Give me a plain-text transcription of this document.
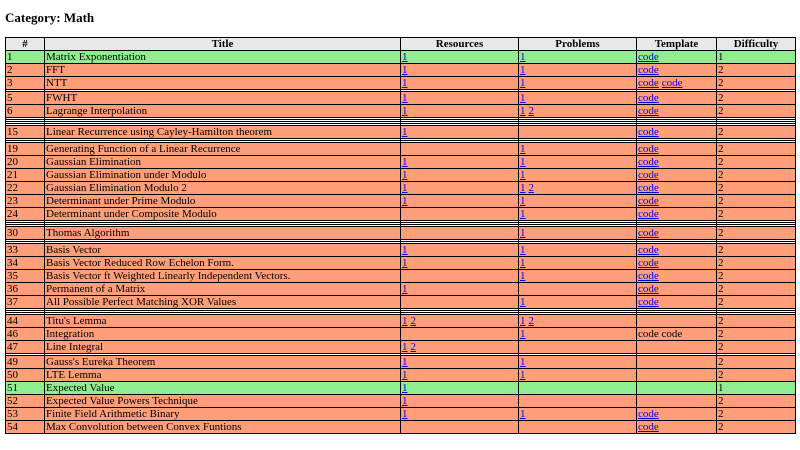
Category: Math
#	Title	Resources	Problems	Template	Difficulty
1	Matrix Exponentiation	1	1	code	1
2	FFT	1	1	code	2
3	NTT	1	1	code code	2

5	FWHT	1	1	code	2
6	Lagrange Interpolation	1	1 2	code	2

15	Linear Recurrence using Cayley-Hamilton theorem	1		code	2

19	Generating Function of a Linear Recurrence		1	code	2
20	Gaussian Elimination	1	1	code	2
21	Gaussian Elimination under Modulo	1	1	code	2
22	Gaussian Elimination Modulo 2	1	1 2	code	2
23	Determinant under Prime Modulo	1	1	code	2
24	Determinant under Composite Modulo		1	code	2

30	Thomas Algorithm		1	code	2

33	Basis Vector	1	1	code	2
34	Basis Vector Reduced Row Echelon Form.	1	1	code	2
35	Basis Vector ft Weighted Linearly Independent Vectors.		1	code	2
36	Permanent of a Matrix	1		code	2
37	All Possible Perfect Matching XOR Values		1	code	2

44	Titu's Lemma	1 2	1 2		2
46	Integration		1	code code	2
47	Line Integral	1 2			2

49	Gauss's Eureka Theorem	1	1		2
50	LTE Lemma	1	1		2
51	Expected Value	1			1
52	Expected Value Powers Technique	1			2
53	Finite Field Arithmetic Binary	1	1	code	2
54	Max Convolution between Convex Funtions			code	2
